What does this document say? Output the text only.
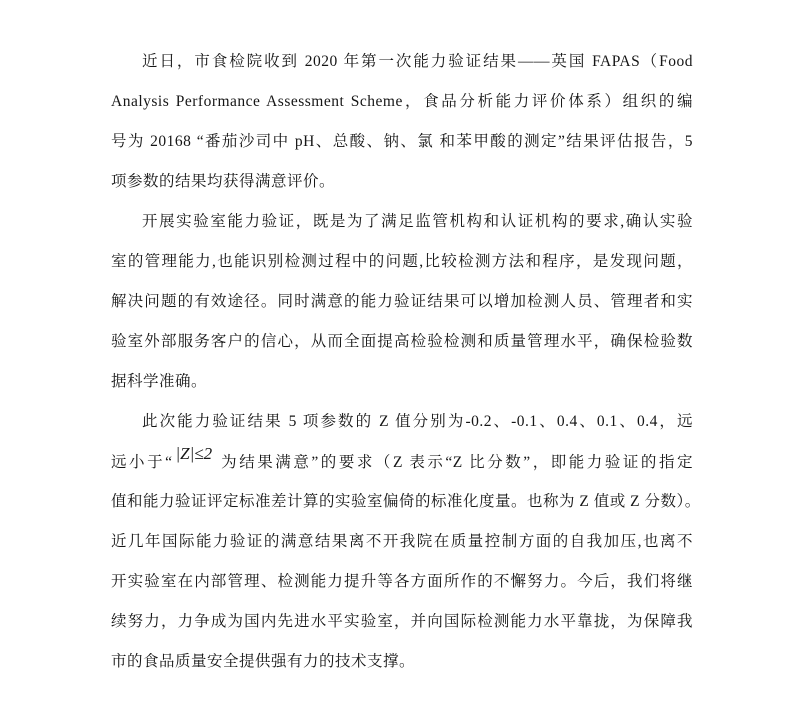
近日，市食检院收到 2020 年第一次能力验证结果——英国 FAPAS（Food
Analysis Performance Assessment Scheme，食品分析能力评价体系）组织的编
号为 20168 “番茄沙司中 pH、总酸、钠、氯 和苯甲酸的测定”结果评估报告，5
项参数的结果均获得满意评价。
开展实验室能力验证，既是为了满足监管机构和认证机构的要求,确认实验
室的管理能力,也能识别检测过程中的问题,比较检测方法和程序，是发现问题，
解决问题的有效途径。同时满意的能力验证结果可以增加检测人员、管理者和实
验室外部服务客户的信心，从而全面提高检验检测和质量管理水平，确保检验数
据科学准确。
此次能力验证结果 5 项参数的 Z 值分别为-0.2、-0.1、0.4、0.1、0.4，远
远小于“ |Z|≤2 为结果满意”的要求（Z 表示“Z 比分数”，即能力验证的指定
值和能力验证评定标准差计算的实验室偏倚的标准化度量。也称为 Z 值或 Z 分数）。
近几年国际能力验证的满意结果离不开我院在质量控制方面的自我加压,也离不
开实验室在内部管理、检测能力提升等各方面所作的不懈努力。今后，我们将继
续努力，力争成为国内先进水平实验室，并向国际检测能力水平靠拢，为保障我
市的食品质量安全提供强有力的技术支撑。
